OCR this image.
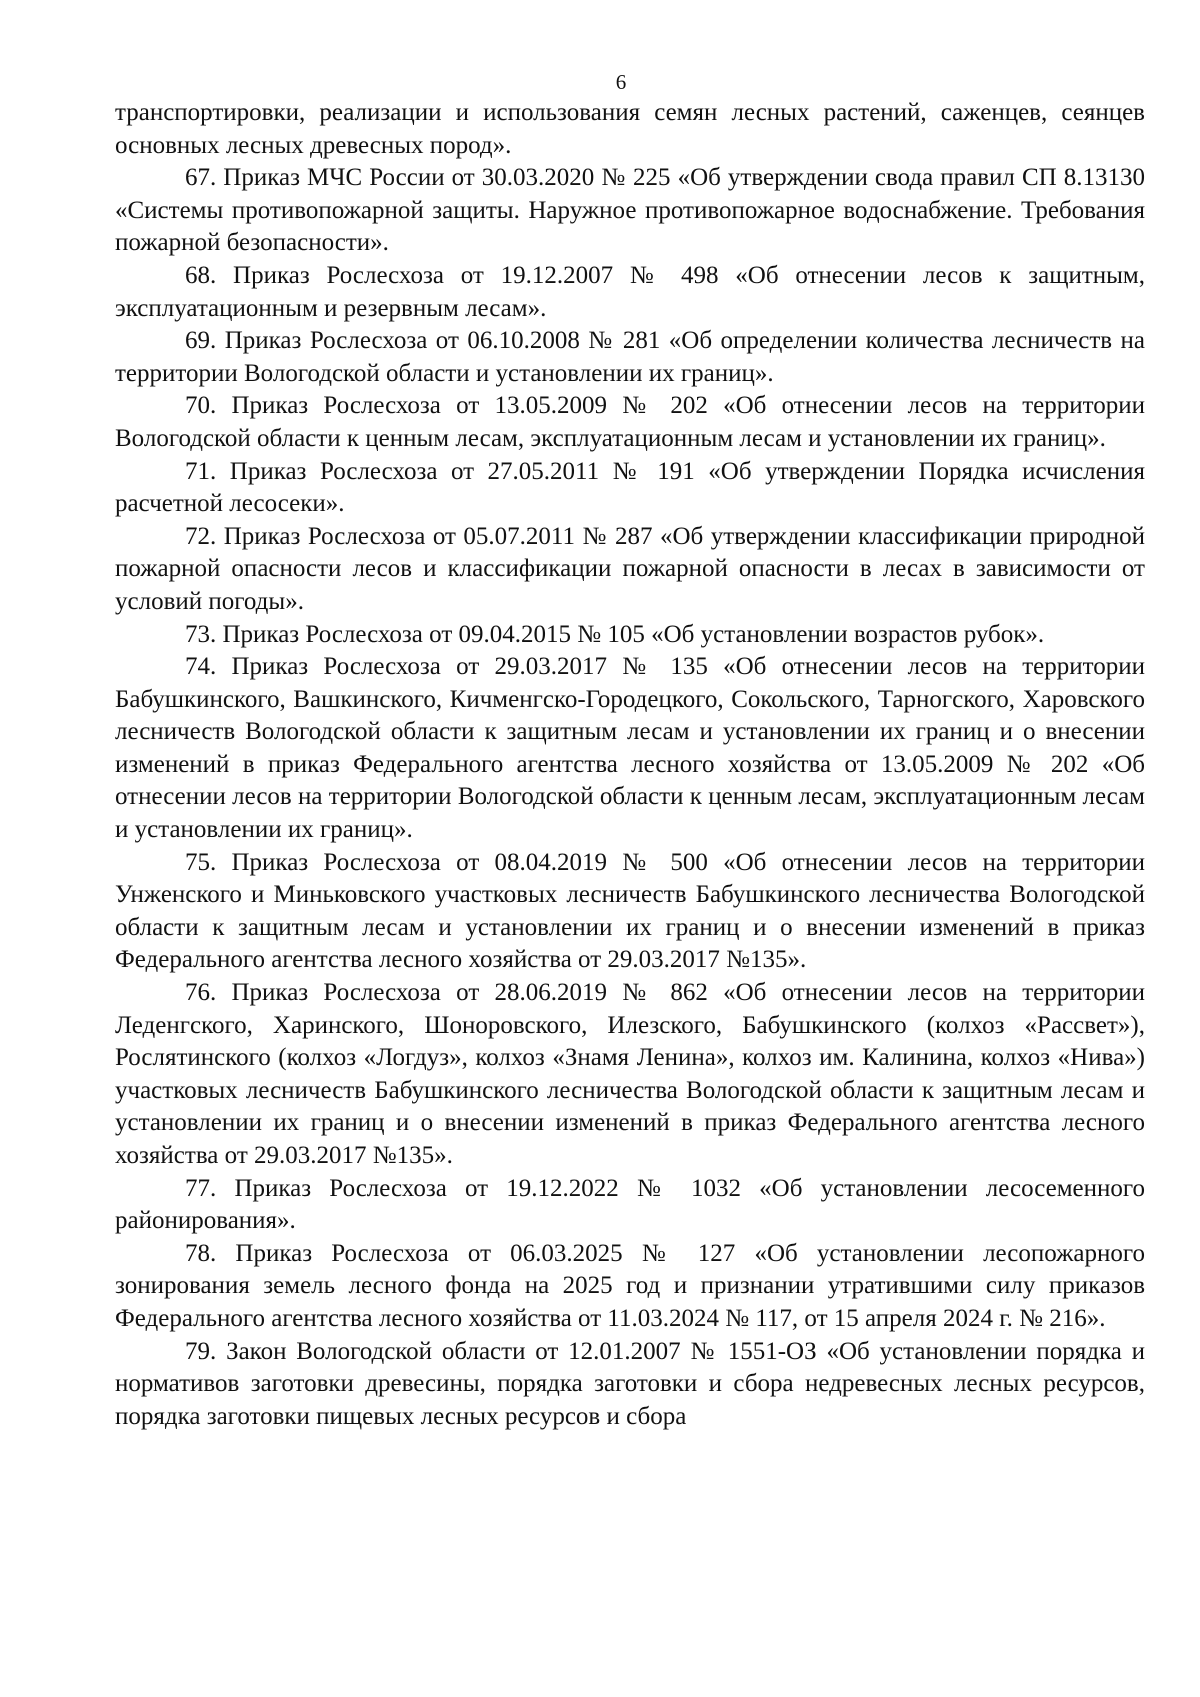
6

транспортировки, реализации и использования семян лесных растений, саженцев, сеянцев основных лесных древесных пород».

67. Приказ МЧС России от 30.03.2020 № 225 «Об утверждении свода правил СП 8.13130 «Системы противопожарной защиты. Наружное противопожарное водоснабжение. Требования пожарной безопасности».

68. Приказ Рослесхоза от 19.12.2007 № 498 «Об отнесении лесов к защитным, эксплуатационным и резервным лесам».

69. Приказ Рослесхоза от 06.10.2008 № 281 «Об определении количества лесничеств на территории Вологодской области и установлении их границ».

70. Приказ Рослесхоза от 13.05.2009 № 202 «Об отнесении лесов на территории Вологодской области к ценным лесам, эксплуатационным лесам и установлении их границ».

71. Приказ Рослесхоза от 27.05.2011 № 191 «Об утверждении Порядка исчисления расчетной лесосеки».

72. Приказ Рослесхоза от 05.07.2011 № 287 «Об утверждении классификации природной пожарной опасности лесов и классификации пожарной опасности в лесах в зависимости от условий погоды».

73. Приказ Рослесхоза от 09.04.2015 № 105 «Об установлении возрастов рубок».

74. Приказ Рослесхоза от 29.03.2017 № 135 «Об отнесении лесов на территории Бабушкинского, Вашкинского, Кичменгско-Городецкого, Сокольского, Тарногского, Харовского лесничеств Вологодской области к защитным лесам и установлении их границ и о внесении изменений в приказ Федерального агентства лесного хозяйства от 13.05.2009 № 202 «Об отнесении лесов на территории Вологодской области к ценным лесам, эксплуатационным лесам и установлении их границ».

75. Приказ Рослесхоза от 08.04.2019 № 500 «Об отнесении лесов на территории Унженского и Миньковского участковых лесничеств Бабушкинского лесничества Вологодской области к защитным лесам и установлении их границ и о внесении изменений в приказ Федерального агентства лесного хозяйства от 29.03.2017 №135».

76. Приказ Рослесхоза от 28.06.2019 № 862 «Об отнесении лесов на территории Леденгского, Харинского, Шоноровского, Илезского, Бабушкинского (колхоз «Рассвет»), Рослятинского (колхоз «Логдуз», колхоз «Знамя Ленина», колхоз им. Калинина, колхоз «Нива») участковых лесничеств Бабушкинского лесничества Вологодской области к защитным лесам и установлении их границ и о внесении изменений в приказ Федерального агентства лесного хозяйства от 29.03.2017 №135».

77. Приказ Рослесхоза от 19.12.2022 № 1032 «Об установлении лесосеменного районирования».

78. Приказ Рослесхоза от 06.03.2025 № 127 «Об установлении лесопожарного зонирования земель лесного фонда на 2025 год и признании утратившими силу приказов Федерального агентства лесного хозяйства от 11.03.2024 № 117, от 15 апреля 2024 г. № 216».

79. Закон Вологодской области от 12.01.2007 № 1551-ОЗ «Об установлении порядка и нормативов заготовки древесины, порядка заготовки и сбора недревесных лесных ресурсов, порядка заготовки пищевых лесных ресурсов и сбора
